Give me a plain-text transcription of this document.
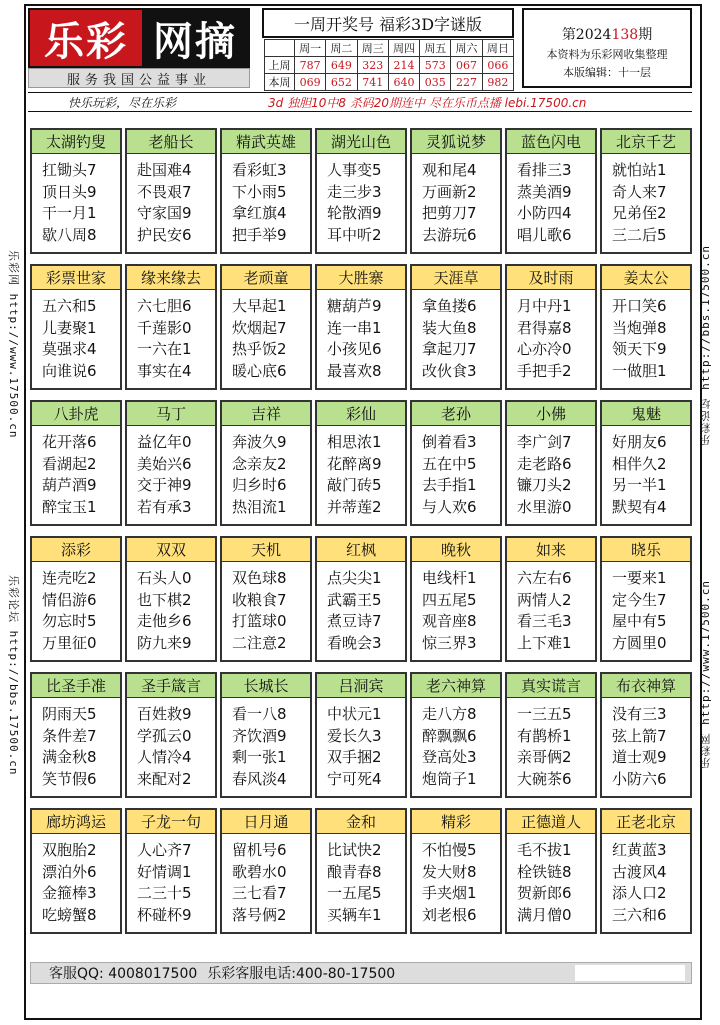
乐彩 网摘
服务我国公益事业
一周开奖号 福彩3D字谜版
	周一	周二	周三	周四	周五	周六	周日
上周	787	649	323	214	573	067	066
本周	069	652	741	640	035	227	982
第2024138期
本资料为乐彩网收集整理
本版编辑：十一层
快乐玩彩，尽在乐彩	3d 独胆10中8 杀码20期连中 尽在乐币点播 lebi.17500.cn
乐彩网 http://www.17500.cn
乐彩论坛 http://bbs.17500.cn
乐彩论坛 http://bbs.17500.cn
乐彩网 http://www.17500.cn
太湖钓叟
扛锄头7
顶日头9
干一月1
歇八周8
老船长
赴国难4
不畏艰7
守家国9
护民安6
精武英雄
看彩虹3
下小雨5
拿红旗4
把手举9
湖光山色
人事变5
走三步3
轮散酒9
耳中听2
灵狐说梦
观和尾4
万画新2
把剪刀7
去游玩6
蓝色闪电
看排三3
蒸美酒9
小防四4
唱儿歌6
北京千艺
就怕站1
奇人来7
兄弟侄2
三二后5
彩票世家
五六和5
儿妻聚1
莫强求4
向谁说6
缘来缘去
六七胆6
千莲影0
一六在1
事实在4
老顽童
大早起1
炊烟起7
热乎饭2
暖心底6
大胜寨
糖葫芦9
连一串1
小孩见6
最喜欢8
天涯草
拿鱼搂6
装大鱼8
拿起刀7
改伙食3
及时雨
月中丹1
君得嘉8
心亦冷0
手把手2
姜太公
开口笑6
当炮弹8
领天下9
一做胆1
八卦虎
花开落6
看湖起2
葫芦酒9
醉宝玉1
马丁
益亿年0
美始兴6
交于神9
若有承3
吉祥
奔波久9
念亲友2
归乡时6
热泪流1
彩仙
相思浓1
花醉离9
敲门砖5
并蒂莲2
老孙
倒着看3
五在中5
去手指1
与人欢6
小佛
李广剑7
走老路6
镰刀头2
水里游0
鬼魅
好朋友6
相伴久2
另一半1
默契有4
添彩
连壳吃2
情侣游6
勿忘时5
万里征0
双双
石头人0
也下棋2
走他乡6
防九来9
天机
双色球8
收粮食7
打篮球0
二注意2
红枫
点尖尖1
武霸王5
煮豆诗7
看晚会3
晚秋
电线杆1
四五尾5
观音座8
惊三界3
如来
六左右6
两情人2
看三毛3
上下难1
晓乐
一要来1
定今生7
屋中有5
方圆里0
比圣手准
阴雨天5
条件差7
满金秋8
笑节假6
圣手箴言
百姓救9
学孤云0
人情冷4
来配对2
长城长
看一八8
齐饮酒9
剩一张1
春风淡4
吕洞宾
中状元1
爱长久3
双手捆2
宁可死4
老六神算
走八方8
醉飘飘6
登高处3
炮筒子1
真实谎言
一三五5
有鹊桥1
亲哥俩2
大碗茶6
布衣神算
没有三3
弦上箭7
道士观9
小防六6
廊坊鸿运
双胞胎2
漂泊外6
金箍棒3
吃螃蟹8
子龙一句
人心齐7
好情调1
二三十5
杯碰杯9
日月通
留机号6
歌碧水0
三七看7
落号俩2
金和
比试快2
酿青春8
一五尾5
买辆车1
精彩
不怕慢5
发大财8
手夹烟1
刘老根6
正德道人
毛不拔1
栓铁链8
贺新郎6
满月僧0
正老北京
红黄蓝3
古渡风4
添人口2
三六和6
客服QQ: 4008017500 乐彩客服电话:400-80-17500
